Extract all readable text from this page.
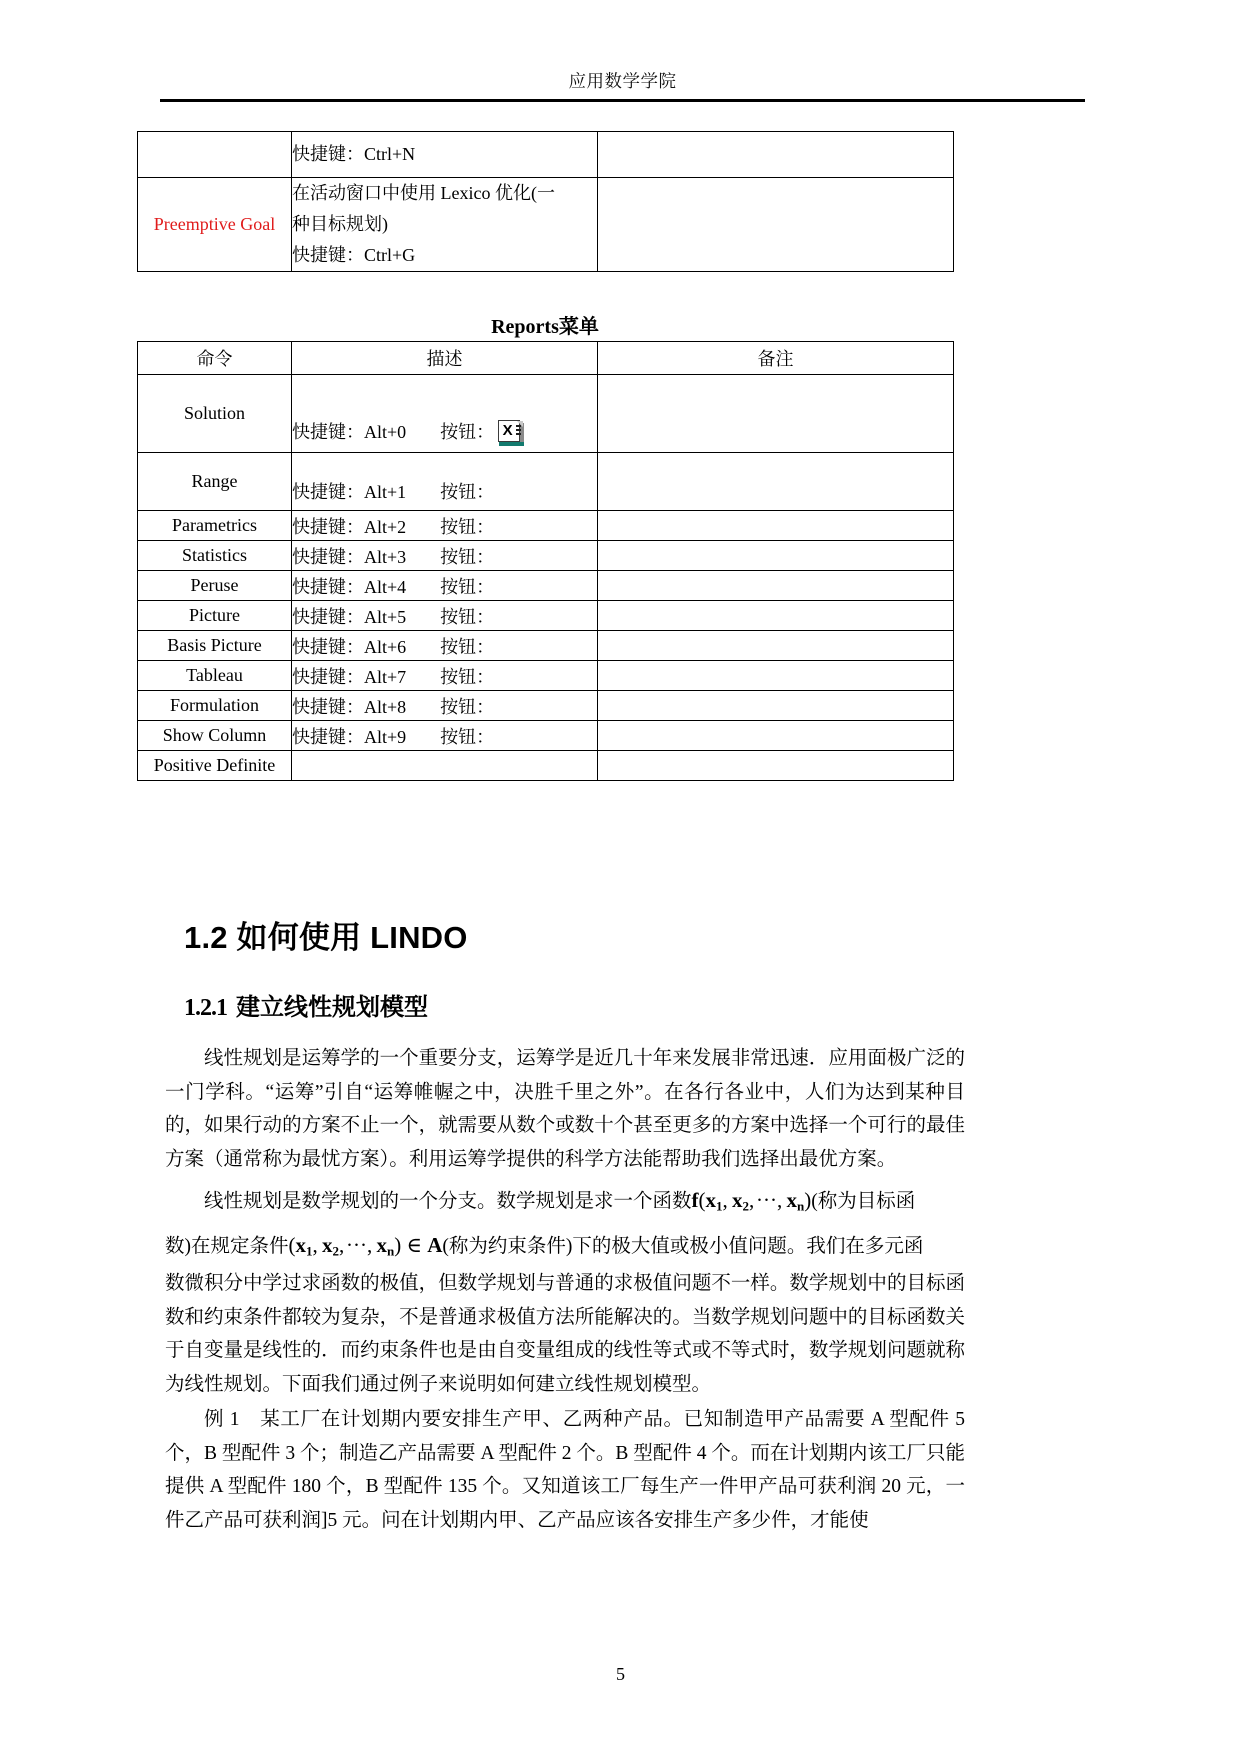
应用数学学院

	快捷键：Ctrl+N	

Preemptive Goal	在活动窗口中使用 Lexico 优化(一
种目标规划)
快捷键：Ctrl+G	

Reports菜单
命令	描述	备注
Solution	快捷键：Alt+0 按钮： X	

Range	快捷键：Alt+1 按钮：	
Parametrics	快捷键：Alt+2 按钮：	
Statistics	快捷键：Alt+3 按钮：	
Peruse	快捷键：Alt+4 按钮：	
Picture	快捷键：Alt+5 按钮：	
Basis Picture	快捷键：Alt+6 按钮：	
Tableau	快捷键：Alt+7 按钮：	
Formulation	快捷键：Alt+8 按钮：	
Show Column	快捷键：Alt+9 按钮：	
Positive Definite		
1.2 如何使用 LINDO
1.2.1 建立线性规划模型

线性规划是运筹学的一个重要分支，运筹学是近几十年来发展非常迅速．应用面极广泛的一门学科。“运筹”引自“运筹帷幄之中，决胜千里之外”。在各行各业中，人们为达到某种目的，如果行动的方案不止一个，就需要从数个或数十个甚至更多的方案中选择一个可行的最佳方案（通常称为最忧方案）。利用运筹学提供的科学方法能帮助我们选择出最优方案。

线性规划是数学规划的一个分支。数学规划是求一个函数$f(x_1$, $x_2$, ···, $x_n$)(称为目标函

数)在规定条件($x_1$, $x_2$, ···, $x_n$) ∈ A(称为约束条件)下的极大值或极小值问题。我们在多元函

数微积分中学过求函数的极值，但数学规划与普通的求极值问题不一样。数学规划中的目标函数和约束条件都较为复杂，不是普通求极值方法所能解决的。当数学规划问题中的目标函数关于自变量是线性的．而约束条件也是由自变量组成的线性等式或不等式时，数学规划问题就称为线性规划。下面我们通过例子来说明如何建立线性规划模型。

例 1　某工厂在计划期内要安排生产甲、乙两种产品。已知制造甲产品需要 A 型配件 5 个，B 型配件 3 个；制造乙产品需要 A 型配件 2 个。B 型配件 4 个。而在计划期内该工厂只能提供 A 型配件 180 个，B 型配件 135 个。又知道该工厂每生产一件甲产品可获利润 20 元，一件乙产品可获利润]5 元。问在计划期内甲、乙产品应该各安排生产多少件，才能使

5
